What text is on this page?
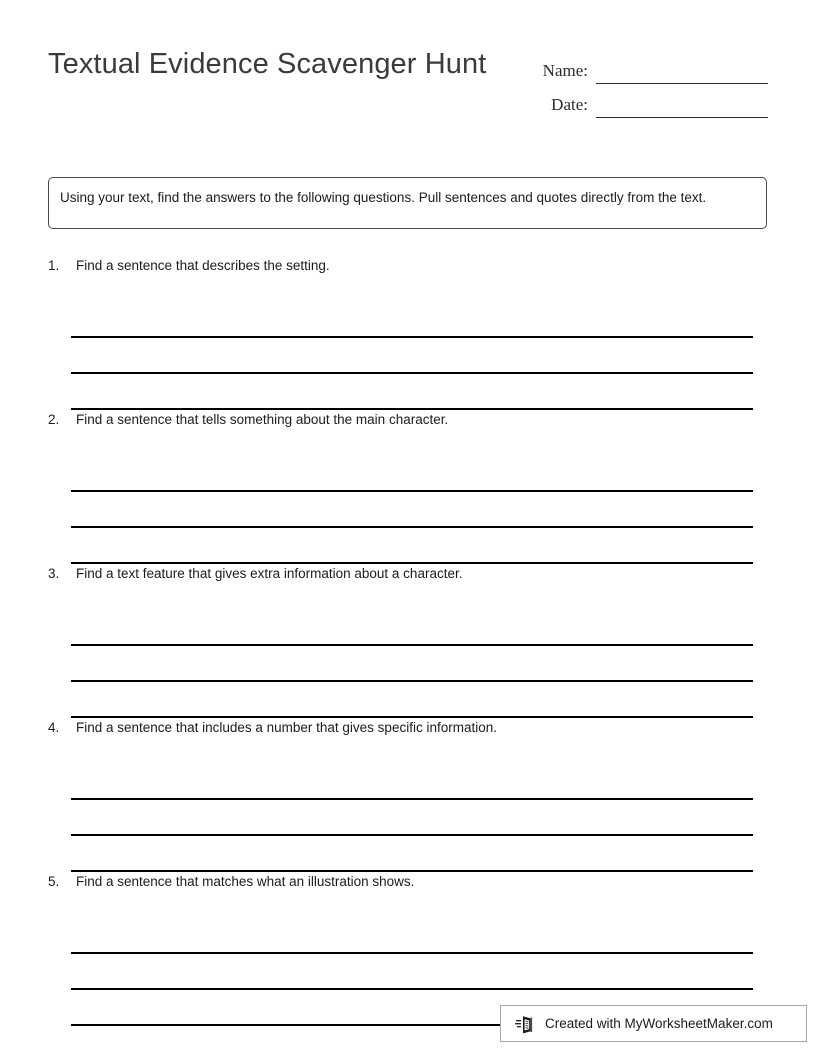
Textual Evidence Scavenger Hunt	Name:
Date:
Using your text, find the answers to the following questions. Pull sentences and quotes directly from the text.
1.	Find a sentence that describes the setting.
2.	Find a sentence that tells something about the main character.
3.	Find a text feature that gives extra information about a character.
4.	Find a sentence that includes a number that gives specific information.
5.	Find a sentence that matches what an illustration shows.
Created with MyWorksheetMaker.com
